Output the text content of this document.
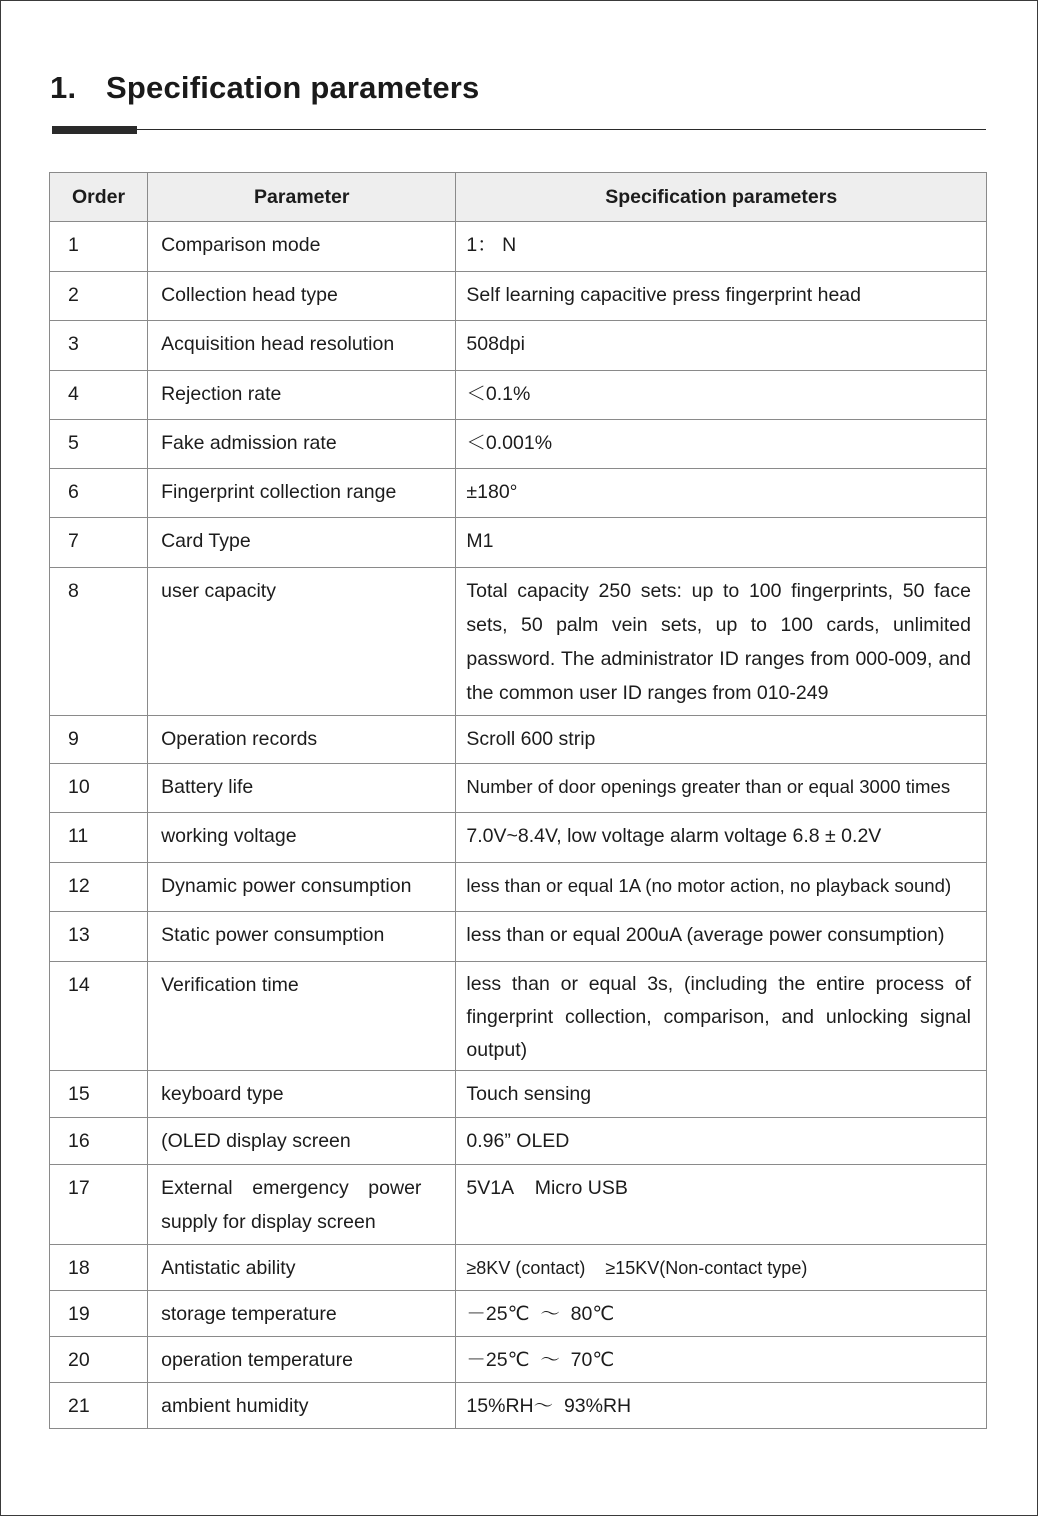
1. Specification parameters
Order	Parameter	Specification parameters

1	Comparison mode	1： N

2	Collection head type	Self learning capacitive press fingerprint head

3	Acquisition head resolution	508dpi

4	Rejection rate	＜0.1%

5	Fake admission rate	＜0.001%

6	Fingerprint collection range	±180°

7	Card Type	M1

8	user capacity	Total capacity 250 sets: up to 100 fingerprints, 50 face sets, 50 palm vein sets, up to 100 cards, unlimited password. The administrator ID ranges from 000-009, and the common user ID ranges from 010-249

9	Operation records	Scroll 600 strip

10	Battery life	Number of door openings greater than or equal 3000 times

11	working voltage	7.0V~8.4V, low voltage alarm voltage 6.8 ± 0.2V

12	Dynamic power consumption	less than or equal 1A (no motor action, no playback sound)

13	Static power consumption	less than or equal 200uA (average power consumption)

14	Verification time	less than or equal 3s, (including the entire process of fingerprint collection, comparison, and unlocking signal output)

15	keyboard type	Touch sensing

16	(OLED display screen	0.96” OLED

17	External emergency power supply for display screen	5V1A    Micro USB

18	Antistatic ability	≥8KV (contact)    ≥15KV(Non-contact type)

19	storage temperature	－25℃  ～  80℃

20	operation temperature	－25℃  ～  70℃

21	ambient humidity	15%RH～  93%RH
